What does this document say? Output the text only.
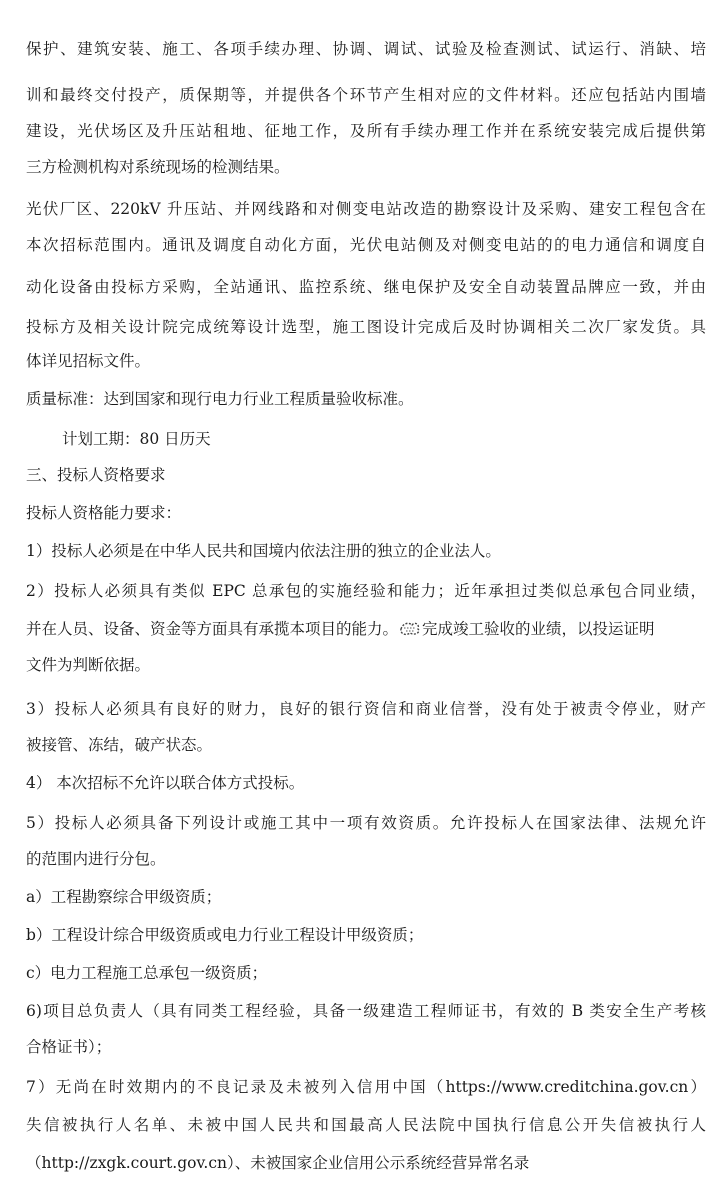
保护、建筑安装、施工、各项手续办理、协调、调试、试验及检查测试、试运行、消缺、培
训和最终交付投产，质保期等，并提供各个环节产生相对应的文件材料。还应包括站内围墙
建设，光伏场区及升压站租地、征地工作，及所有手续办理工作并在系统安装完成后提供第
三方检测机构对系统现场的检测结果。
光伏厂区、220kV 升压站、并网线路和对侧变电站改造的勘察设计及采购、建安工程包含在
本次招标范围内。通讯及调度自动化方面，光伏电站侧及对侧变电站的的电力通信和调度自
动化设备由投标方采购，全站通讯、监控系统、继电保护及安全自动装置品牌应一致，并由
投标方及相关设计院完成统筹设计选型，施工图设计完成后及时协调相关二次厂家发货。具
体详见招标文件。
质量标准：达到国家和现行电力行业工程质量验收标准。
计划工期：80 日历天
三、投标人资格要求
投标人资格能力要求：
1）投标人必须是在中华人民共和国境内依法注册的独立的企业法人。
2）投标人必须具有类似 EPC 总承包的实施经验和能力；近年承担过类似总承包合同业绩，
并在人员、设备、资金等方面具有承揽本项目的能力。 完成竣工验收的业绩，以投运证明
文件为判断依据。
3）投标人必须具有良好的财力，良好的银行资信和商业信誉，没有处于被责令停业，财产
被接管、冻结，破产状态。
4） 本次招标不允许以联合体方式投标。
5）投标人必须具备下列设计或施工其中一项有效资质。允许投标人在国家法律、法规允许
的范围内进行分包。
a）工程勘察综合甲级资质；
b）工程设计综合甲级资质或电力行业工程设计甲级资质；
c）电力工程施工总承包一级资质；
6)项目总负责人（具有同类工程经验，具备一级建造工程师证书，有效的 B 类安全生产考核
合格证书）；
7）无尚在时效期内的不良记录及未被列入信用中国（https://www.creditchina.gov.cn）
失信被执行人名单、未被中国人民共和国最高人民法院中国执行信息公开失信被执行人
（http://zxgk.court.gov.cn）、未被国家企业信用公示系统经营异常名录
